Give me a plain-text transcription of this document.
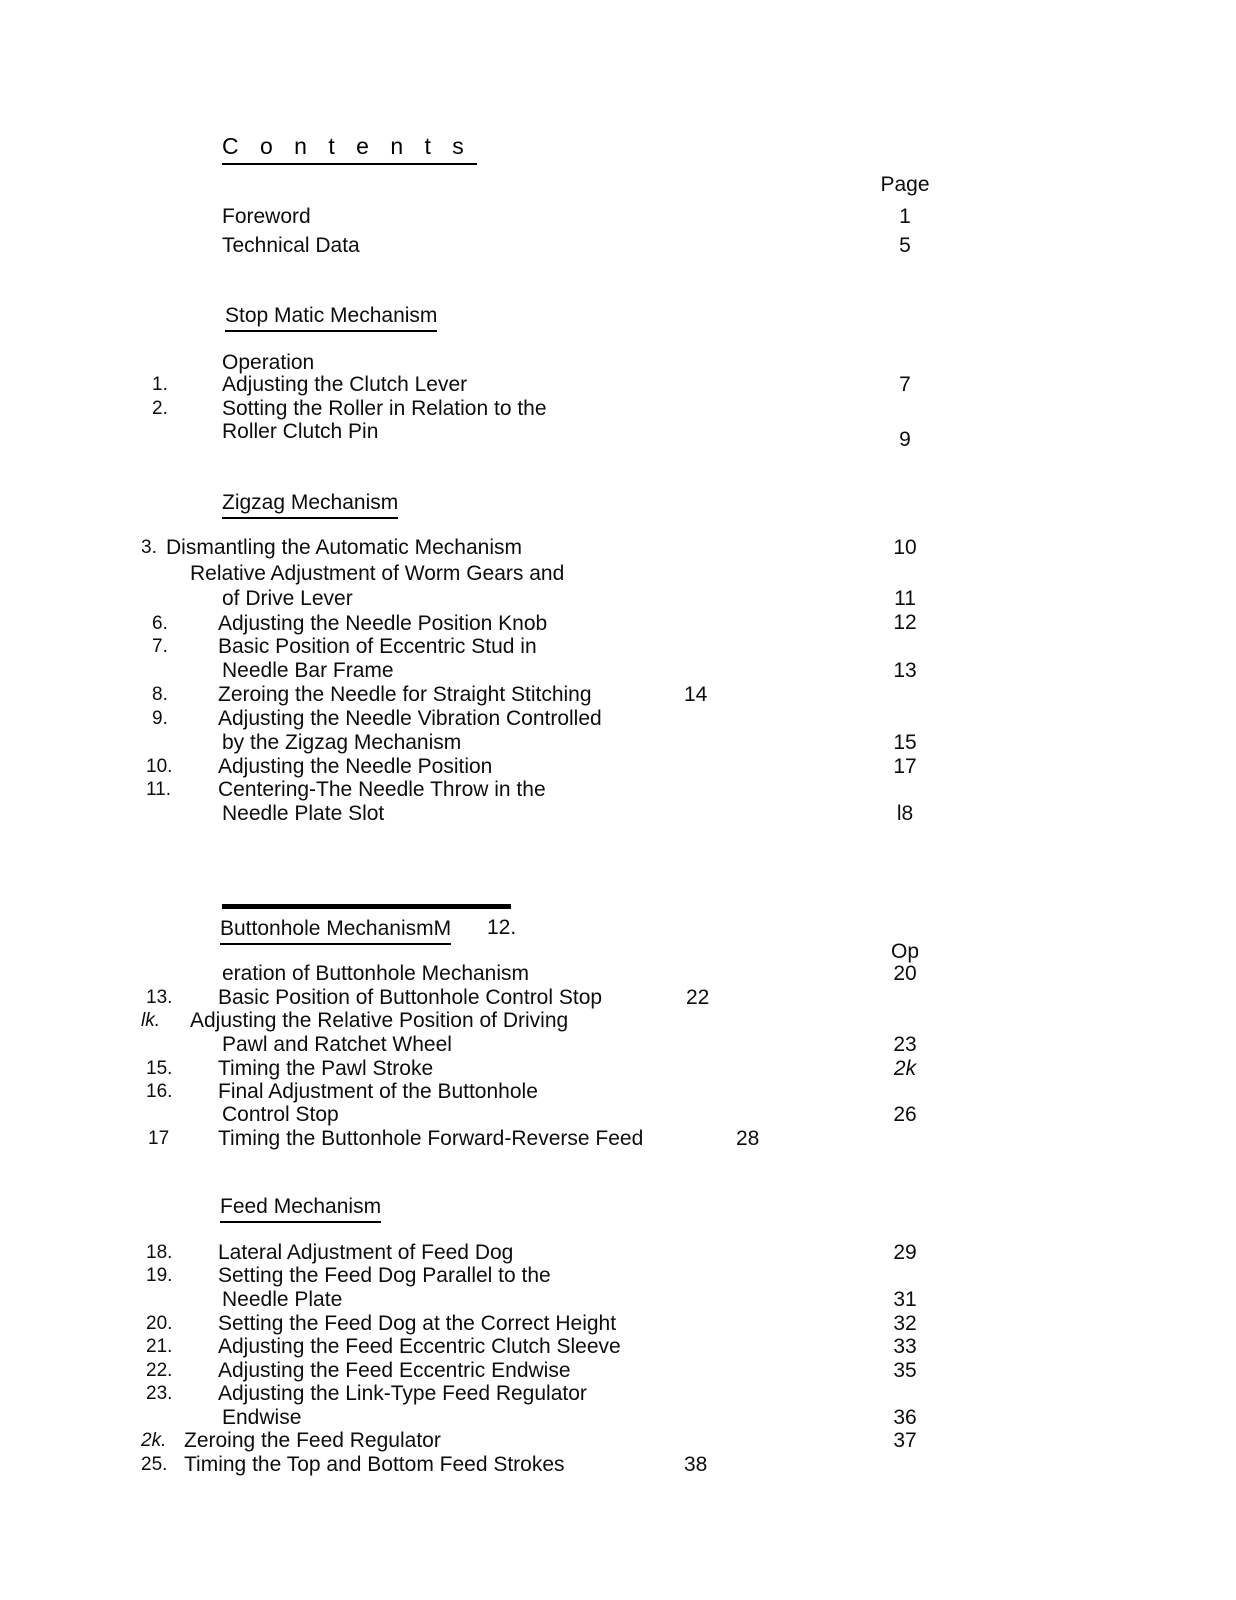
C o n t e n t s
Page
Foreword	1
Technical Data	5
Stop Matic Mechanism
Operation
1.	Adjusting the Clutch Lever	7
2.	Sotting the Roller in Relation to the
Roller Clutch Pin	9
Zigzag Mechanism
3. Dismantling the Automatic Mechanism	10
Relative Adjustment of Worm Gears and
of Drive Lever	11
6. Adjusting the Needle Position Knob	12
7. Basic Position of Eccentric Stud in
Needle Bar Frame	13
8. Zeroing the Needle for Straight Stitching	14
9. Adjusting the Needle Vibration Controlled
by the Zigzag Mechanism	15
10. Adjusting the Needle Position	17
11. Centering-The Needle Throw in the
Needle Plate Slot	l8
Buttonhole MechanismM 12.
Op
eration of Buttonhole Mechanism	20
13. Basic Position of Buttonhole Control Stop	22
lk. Adjusting the Relative Position of Driving
Pawl and Ratchet Wheel	23
15. Timing the Pawl Stroke	2k
16. Final Adjustment of the Buttonhole
Control Stop	26
17 Timing the Buttonhole Forward-Reverse Feed	28
Feed Mechanism
18. Lateral Adjustment of Feed Dog	29
19. Setting the Feed Dog Parallel to the
Needle Plate	31
20. Setting the Feed Dog at the Correct Height	32
21. Adjusting the Feed Eccentric Clutch Sleeve	33
22. Adjusting the Feed Eccentric Endwise	35
23. Adjusting the Link-Type Feed Regulator
Endwise	36
2k. Zeroing the Feed Regulator	37
25. Timing the Top and Bottom Feed Strokes	38
